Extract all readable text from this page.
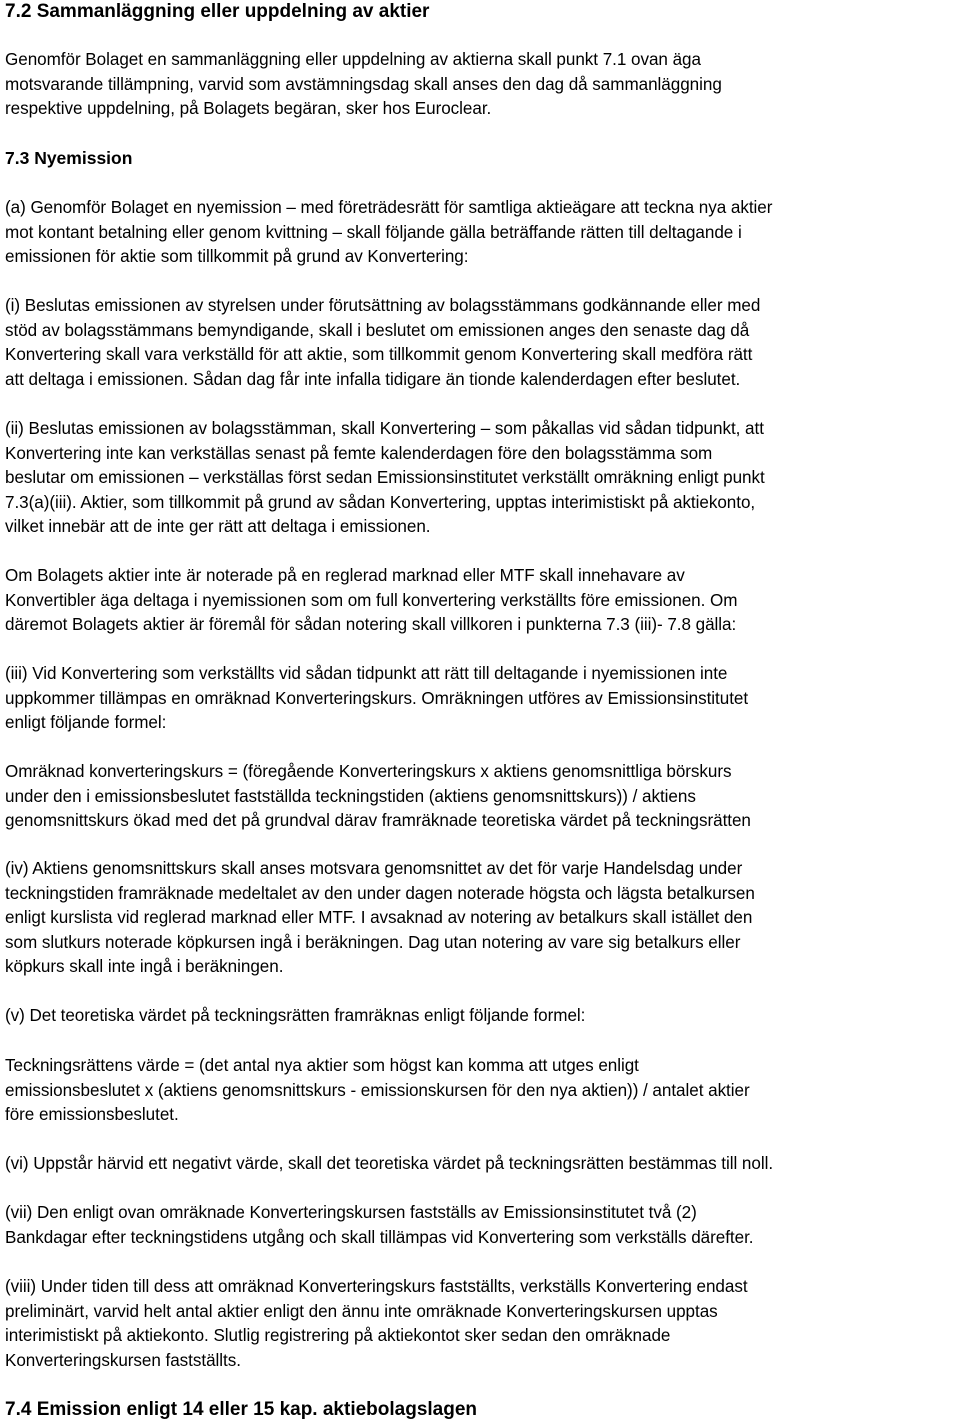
7.2 Sammanläggning eller uppdelning av aktier

Genomför Bolaget en sammanläggning eller uppdelning av aktierna skall punkt 7.1 ovan äga
motsvarande tillämpning, varvid som avstämningsdag skall anses den dag då sammanläggning
respektive uppdelning, på Bolagets begäran, sker hos Euroclear.

7.3 Nyemission

(a) Genomför Bolaget en nyemission – med företrädesrätt för samtliga aktieägare att teckna nya aktier
mot kontant betalning eller genom kvittning – skall följande gälla beträffande rätten till deltagande i
emissionen för aktie som tillkommit på grund av Konvertering:

(i) Beslutas emissionen av styrelsen under förutsättning av bolagsstämmans godkännande eller med
stöd av bolagsstämmans bemyndigande, skall i beslutet om emissionen anges den senaste dag då
Konvertering skall vara verkställd för att aktie, som tillkommit genom Konvertering skall medföra rätt
att deltaga i emissionen. Sådan dag får inte infalla tidigare än tionde kalenderdagen efter beslutet.

(ii) Beslutas emissionen av bolagsstämman, skall Konvertering – som påkallas vid sådan tidpunkt, att
Konvertering inte kan verkställas senast på femte kalenderdagen före den bolagsstämma som
beslutar om emissionen – verkställas först sedan Emissionsinstitutet verkställt omräkning enligt punkt
7.3(a)(iii). Aktier, som tillkommit på grund av sådan Konvertering, upptas interimistiskt på aktiekonto,
vilket innebär att de inte ger rätt att deltaga i emissionen.

Om Bolagets aktier inte är noterade på en reglerad marknad eller MTF skall innehavare av
Konvertibler äga deltaga i nyemissionen som om full konvertering verkställts före emissionen. Om
däremot Bolagets aktier är föremål för sådan notering skall villkoren i punkterna 7.3 (iii)- 7.8 gälla:

(iii) Vid Konvertering som verkställts vid sådan tidpunkt att rätt till deltagande i nyemissionen inte
uppkommer tillämpas en omräknad Konverteringskurs. Omräkningen utföres av Emissionsinstitutet
enligt följande formel:

Omräknad konverteringskurs = (föregående Konverteringskurs x aktiens genomsnittliga börskurs
under den i emissionsbeslutet fastställda teckningstiden (aktiens genomsnittskurs)) / aktiens
genomsnittskurs ökad med det på grundval därav framräknade teoretiska värdet på teckningsrätten

(iv) Aktiens genomsnittskurs skall anses motsvara genomsnittet av det för varje Handelsdag under
teckningstiden framräknade medeltalet av den under dagen noterade högsta och lägsta betalkursen
enligt kurslista vid reglerad marknad eller MTF. I avsaknad av notering av betalkurs skall istället den
som slutkurs noterade köpkursen ingå i beräkningen. Dag utan notering av vare sig betalkurs eller
köpkurs skall inte ingå i beräkningen.

(v) Det teoretiska värdet på teckningsrätten framräknas enligt följande formel:

Teckningsrättens värde = (det antal nya aktier som högst kan komma att utges enligt
emissionsbeslutet x (aktiens genomsnittskurs - emissionskursen för den nya aktien)) / antalet aktier
före emissionsbeslutet.

(vi) Uppstår härvid ett negativt värde, skall det teoretiska värdet på teckningsrätten bestämmas till noll.

(vii) Den enligt ovan omräknade Konverteringskursen fastställs av Emissionsinstitutet två (2)
Bankdagar efter teckningstidens utgång och skall tillämpas vid Konvertering som verkställs därefter.

(viii) Under tiden till dess att omräknad Konverteringskurs fastställts, verkställs Konvertering endast
preliminärt, varvid helt antal aktier enligt den ännu inte omräknade Konverteringskursen upptas
interimistiskt på aktiekonto. Slutlig registrering på aktiekontot sker sedan den omräknade
Konverteringskursen fastställts.

7.4 Emission enligt 14 eller 15 kap. aktiebolagslagen
